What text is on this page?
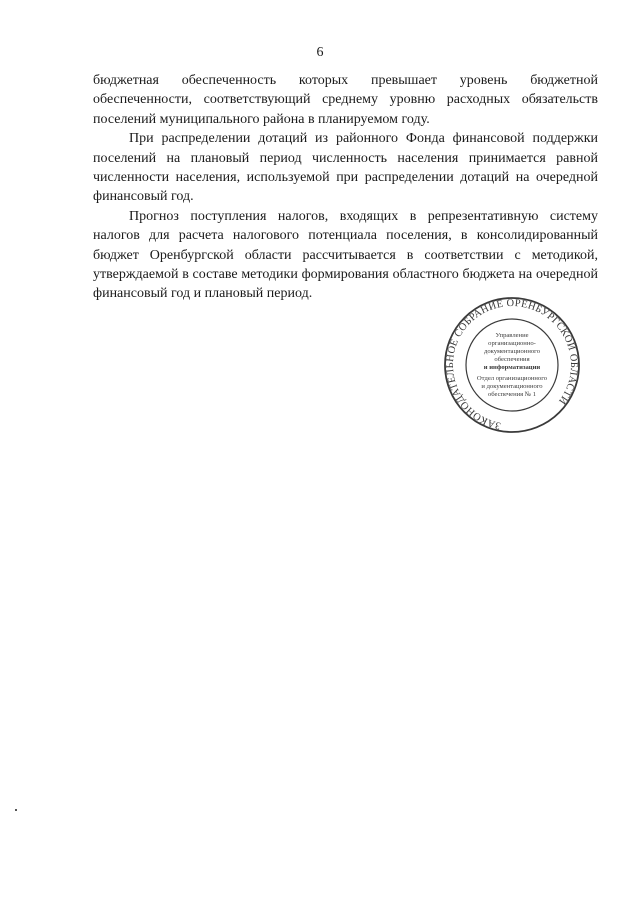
6

бюджетная обеспеченность которых превышает уровень бюджетной обеспеченности, соответствующий среднему уровню расходных обязательств поселений муниципального района в планируемом году.

При распределении дотаций из районного Фонда финансовой поддержки поселений на плановый период численность населения принимается равной численности населения, используемой при распределении дотаций на очередной финансовый год.

Прогноз поступления налогов, входящих в репрезентативную систему налогов для расчета налогового потенциала поселения, в консолидированный бюджет Оренбургской области рассчитывается в соответствии с методикой, утверждаемой в составе методики формирования областного бюджета на очередной финансовый год и плановый период.

ЗАКОНОДАТЕЛЬНОЕ СОБРАНИЕ ОРЕНБУРГСКОЙ ОБЛАСТИ
Управление
организационно-
документационного
обеспечения
и информатизации
Отдел организационного
и документационного
обеспечения № 1
